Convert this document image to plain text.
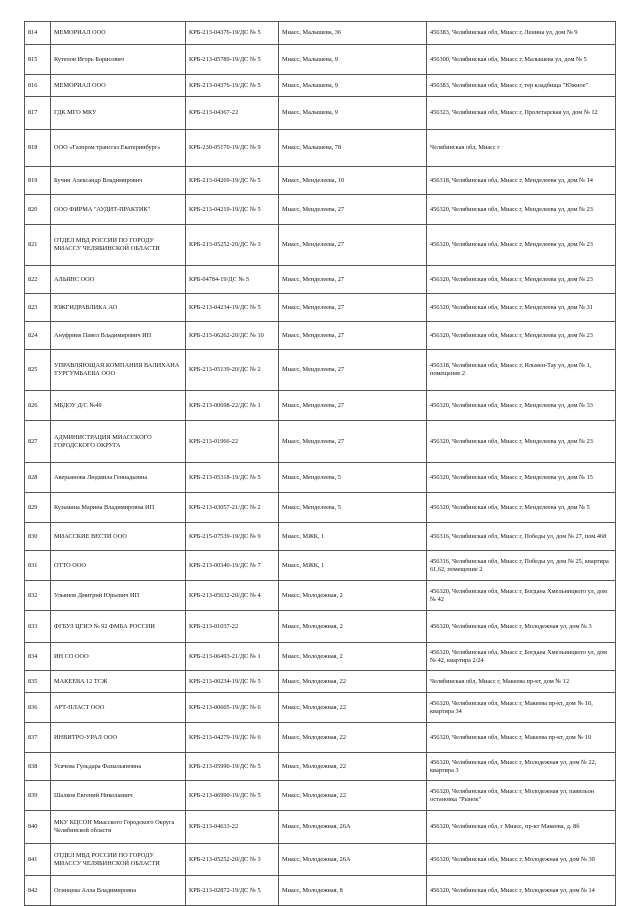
814	МЕМОРИАЛ ООО	КРБ-213-04376-19/ДС № 5	Миасс, Малышева, 36	456383, Челябинская обл, Миасс г, Ленина ул, дом № 9
815	Кутепов Игорь Борисович	КРБ-213-05789-19/ДС № 5	Миасс, Малышева, 9	456300, Челябинская обл, Миасс г, Малышева ул, дом № 5
816	МЕМОРИАЛ ООО	КРБ-213-04376-19/ДС № 5	Миасс, Малышева, 9	456383, Челябинская обл, Миасс г, тер кладбища "Южное"
817	ГДК МГО МКУ	КРБ-213-04367-22	Миасс, Малышева, 9	456323, Челябинская обл, Миасс г, Пролетарская ул, дом № 12
818	ООО «Газпром трансгаз Екатеринбург»	КРБ-230-05170-19/ДС № 9	Миасс, Малышева, 78	Челябинская обл, Миасс г
819	Бучин Александр Владимирович	КРБ-213-04269-19/ДС № 5	Миасс, Менделеева, 10	456318, Челябинская обл, Миасс г, Менделеева ул, дом № 14
820	ООО ФИРМА "АУДИТ-ПРАКТИК"	КРБ-213-04219-19/ДС № 5	Миасс, Менделеева, 27	456320, Челябинская обл, Миасс г, Менделеева ул, дом № 23
821	ОТДЕЛ МВД РОССИИ ПО ГОРОДУ МИАССУ ЧЕЛЯБИНСКОЙ ОБЛАСТИ	КРБ-213-05252-20/ДС № 3	Миасс, Менделеева, 27	456320, Челябинская обл, Миасс г, Менделеева ул, дом № 23
822	АЛЬЯНС ООО	КРБ-04784-19/ДС № 5	Миасс, Менделеева, 27	456320, Челябинская обл, Миасс г, Менделеева ул, дом № 23
823	ЮЖГИДРАВЛИКА АО	КРБ-213-04234-19/ДС № 5	Миасс, Менделеева, 27	456320, Челябинская обл, Миасс г, Менделеева ул, дом № 31
824	Ануфриев Павел Владимирович ИП	КРБ-213-06262-20/ДС № 10	Миасс, Менделеева, 27	456320, Челябинская обл, Миасс г, Менделеева ул, дом № 23
825	УПРАВЛЯЮЩАЯ КОМПАНИЯ ВАЛИХАНА ТУРГУМБАЕВА ООО	КРБ-213-05139-20/ДС № 2	Миасс, Менделеева, 27	456318, Челябинская обл, Миасс г, Ильмен-Тау ул, дом № 1, помещение 2
826	МБДОУ Д/С №49	КРБ-213-00698-22/ДС № 1	Миасс, Менделеева, 27	456320, Челябинская обл, Миасс г, Менделеева ул, дом № 33
827	АДМИНИСТРАЦИЯ МИАССКОГО ГОРОДСКОГО ОКРУГА	КРБ-213-01966-22	Миасс, Менделеева, 27	456320, Челябинская обл, Миасс г, Менделеева ул, дом № 23
828	Аверьянова Людмила Геннадьевна	КРБ-213-05318-19/ДС № 5	Миасс, Менделеева, 5	456320, Челябинская обл, Миасс г, Менделеева ул, дом № 15
829	Кузьмина Марина Владимировна ИП	КРБ-213-03057-21/ДС № 2	Миасс, Менделеева, 5	456320, Челябинская обл, Миасс г, Менделеева ул, дом № 5
830	МИАССКИЕ ВЕСТИ ООО	КРБ-215-07539-19/ДС № 9	Миасс, МЖК, 1	456316, Челябинская обл, Миасс г, Победы ул, дом № 27, пом.468
831	ОТТО ООО	КРБ-213-00340-19/ДС № 7	Миасс, МЖК, 1	456316, Челябинская обл, Миасс г, Победы ул, дом № 25, квартира 61,62, помещение 2
832	Ульянов Дмитрий Юрьевич ИП	КРБ-213-05632-20/ДС № 4	Миасс, Молодежная, 2	456320, Челябинская обл, Миасс г, Богдана Хмельницкого ул, дом № 42
833	ФГБУЗ ЦГИЭ № 92 ФМБА РОССИИ	КРБ-213-01037-22	Миасс, Молодежная, 2	456320, Челябинская обл, Миасс г, Молодежная ул, дом № 3
834	ИН СО ООО	КРБ-213-06493-21/ДС № 1	Миасс, Молодежная, 2	456320, Челябинская обл, Миасс г, Богдана Хмельницкого ул, дом № 42, квартира 2/24
835	МАКЕЕВА 12 ТСЖ	КРБ-213-00234-19/ДС № 5	Миасс, Молодежная, 22	Челябинская обл, Миасс г, Макеева пр-кт, дом № 12
836	АРТ-ПЛАСТ ООО	КРБ-213-00605-19/ДС № 6	Миасс, Молодежная, 22	456320, Челябинская обл, Миасс г, Макеева пр-кт, дом № 10, квартира 34
837	ИНВИТРО-УРАЛ ООО	КРБ-213-04279-19/ДС № 6	Миасс, Молодежная, 22	456320, Челябинская обл, Миасс г, Макеева пр-кт, дом № 10
838	Усачева Гульдара Фазыльяновна	КРБ-213-05990-19/ДС № 5	Миасс, Молодежная, 22	456320, Челябинская обл, Миасс г, Молодежная ул, дом № 22, квартира 3
839	Шалков Евгений Николаевич	КРБ-213-06990-19/ДС № 5	Миасс, Молодежная, 22	456320, Челябинская обл, Миасс г, Молодежная ул, павильон остановка "Рынок"
840	МКУ КЦСОН Миасского Городского Округа Челябинской области	КРБ-213-04633-22	Миасс, Молодежная, 26А	456320, Челябинская обл, г Миасс, пр-кт Макеева, д. 8б
841	ОТДЕЛ МВД РОССИИ ПО ГОРОДУ МИАССУ ЧЕЛЯБИНСКОЙ ОБЛАСТИ	КРБ-213-05252-20/ДС № 3	Миасс, Молодежная, 26А	456320, Челябинская обл, Миасс г, Молодежная ул, дом № 30
842	Осинцева Алла Владимировна	КРБ-213-02872-19/ДС № 5	Миасс, Молодежная, 8	456320, Челябинская обл, Миасс г, Молодежная ул, дом № 14
